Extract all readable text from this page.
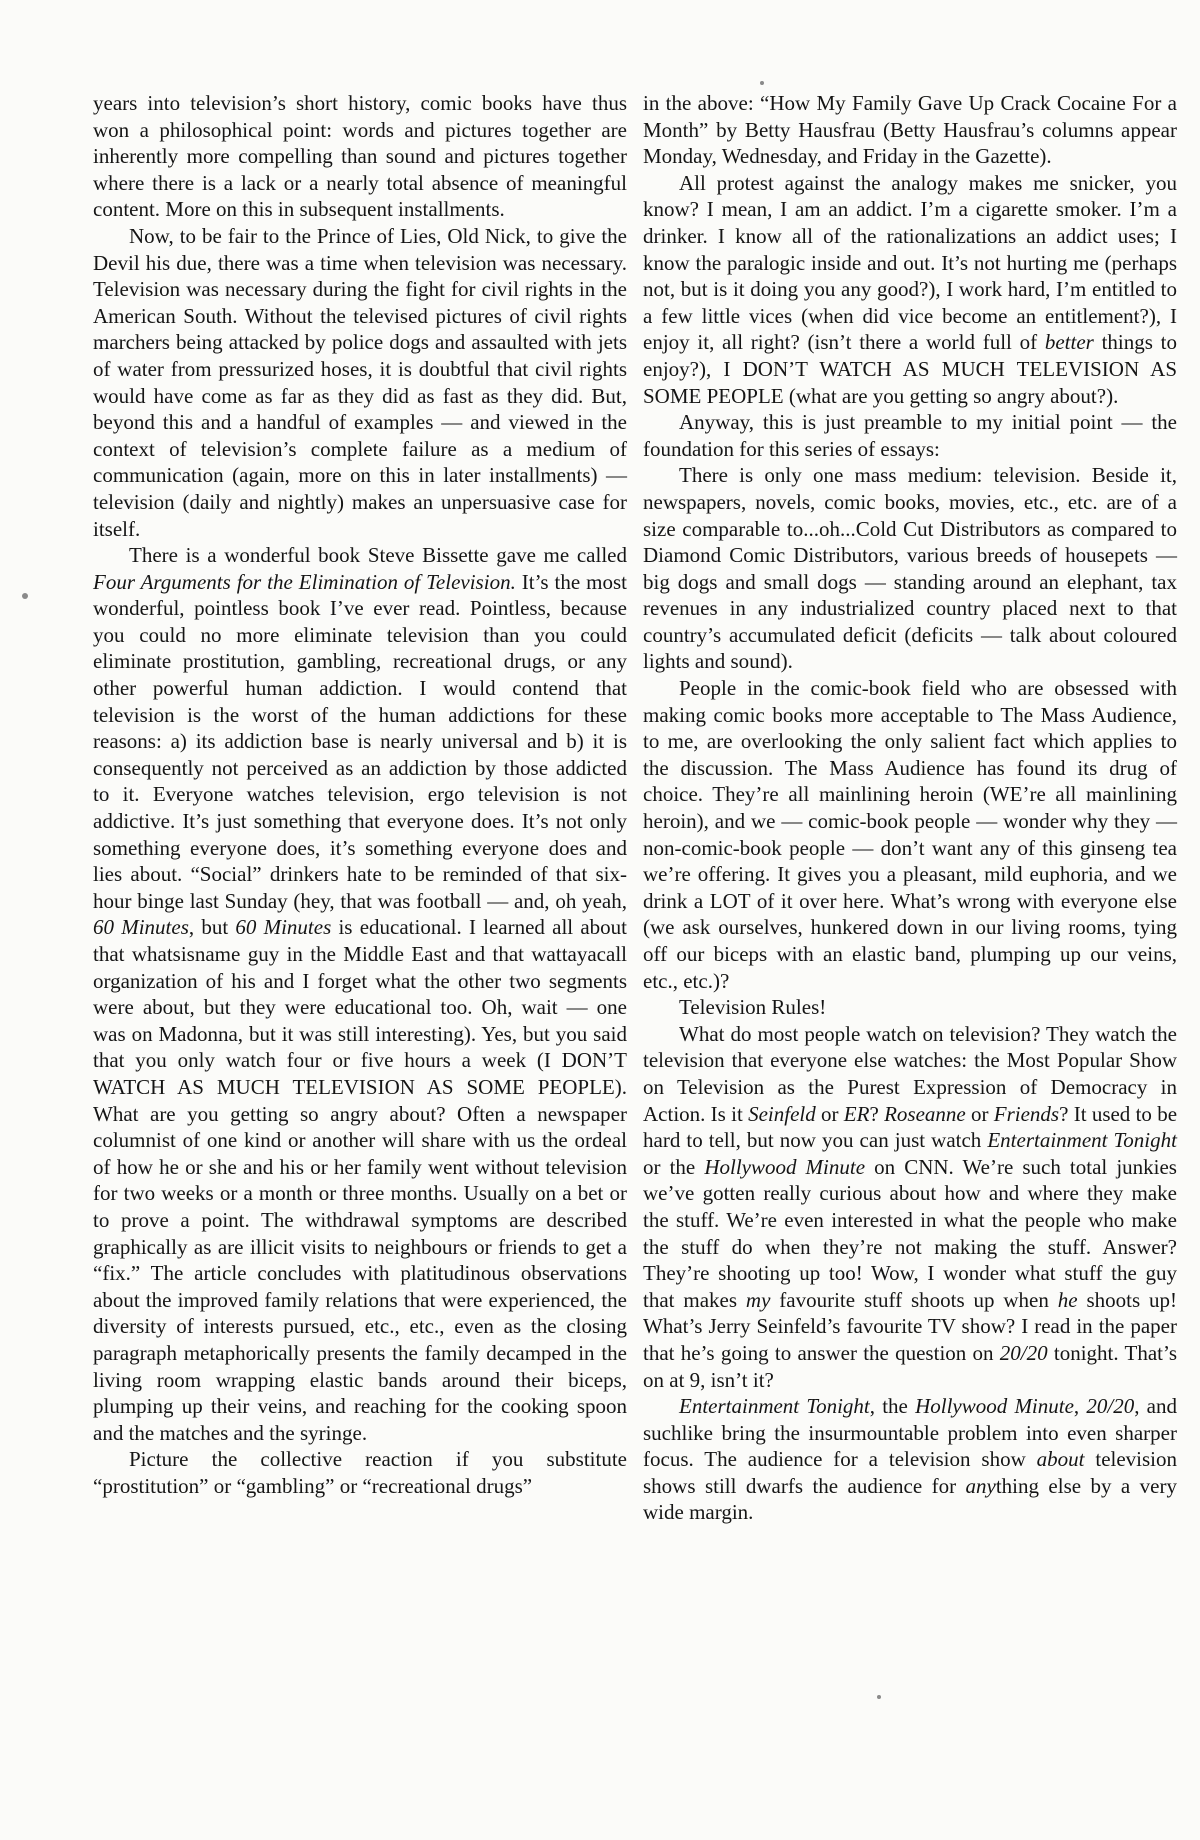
years into television’s short history, comic books have thus won a philosophical point: words and pictures together are inherently more compelling than sound and pictures together where there is a lack or a nearly total absence of meaningful content. More on this in subsequent installments.

Now, to be fair to the Prince of Lies, Old Nick, to give the Devil his due, there was a time when television was necessary. Television was necessary during the fight for civil rights in the American South. Without the televised pictures of civil rights marchers being attacked by police dogs and assaulted with jets of water from pressurized hoses, it is doubtful that civil rights would have come as far as they did as fast as they did. But, beyond this and a handful of examples — and viewed in the context of television’s complete failure as a medium of communication (again, more on this in later installments) — television (daily and nightly) makes an unpersuasive case for itself.

There is a wonderful book Steve Bissette gave me called Four Arguments for the Elimination of Television. It’s the most wonderful, pointless book I’ve ever read. Pointless, because you could no more eliminate television than you could eliminate prostitution, gambling, recreational drugs, or any other powerful human addiction. I would contend that television is the worst of the human addictions for these reasons: a) its addiction base is nearly universal and b) it is consequently not perceived as an addiction by those addicted to it. Everyone watches television, ergo television is not addictive. It’s just something that everyone does. It’s not only something everyone does, it’s something everyone does and lies about. “Social” drinkers hate to be reminded of that six-hour binge last Sunday (hey, that was football — and, oh yeah, 60 Minutes, but 60 Minutes is educational. I learned all about that whatsisname guy in the Middle East and that wattayacall organization of his and I forget what the other two segments were about, but they were educational too. Oh, wait — one was on Madonna, but it was still interesting). Yes, but you said that you only watch four or five hours a week (I DON’T WATCH AS MUCH TELEVISION AS SOME PEOPLE). What are you getting so angry about? Often a newspaper columnist of one kind or another will share with us the ordeal of how he or she and his or her family went without television for two weeks or a month or three months. Usually on a bet or to prove a point. The withdrawal symptoms are described graphically as are illicit visits to neighbours or friends to get a “fix.” The article concludes with platitudinous observations about the improved family relations that were experienced, the diversity of interests pursued, etc., etc., even as the closing paragraph metaphorically presents the family decamped in the living room wrapping elastic bands around their biceps, plumping up their veins, and reaching for the cooking spoon and the matches and the syringe.

Picture the collective reaction if you substitute “prostitution” or “gambling” or “recreational drugs”

in the above: “How My Family Gave Up Crack Cocaine For a Month” by Betty Hausfrau (Betty Hausfrau’s columns appear Monday, Wednesday, and Friday in the Gazette).

All protest against the analogy makes me snicker, you know? I mean, I am an addict. I’m a cigarette smoker. I’m a drinker. I know all of the rationalizations an addict uses; I know the paralogic inside and out. It’s not hurting me (perhaps not, but is it doing you any good?), I work hard, I’m entitled to a few little vices (when did vice become an entitlement?), I enjoy it, all right? (isn’t there a world full of better things to enjoy?), I DON’T WATCH AS MUCH TELEVISION AS SOME PEOPLE (what are you getting so angry about?).

Anyway, this is just preamble to my initial point — the foundation for this series of essays:

There is only one mass medium: television. Beside it, newspapers, novels, comic books, movies, etc., etc. are of a size comparable to...oh...Cold Cut Distributors as compared to Diamond Comic Distributors, various breeds of housepets — big dogs and small dogs — standing around an elephant, tax revenues in any industrialized country placed next to that country’s accumulated deficit (deficits — talk about coloured lights and sound).

People in the comic-book field who are obsessed with making comic books more acceptable to The Mass Audience, to me, are overlooking the only salient fact which applies to the discussion. The Mass Audience has found its drug of choice. They’re all mainlining heroin (WE’re all mainlining heroin), and we — comic-book people — wonder why they — non-comic-book people — don’t want any of this ginseng tea we’re offering. It gives you a pleasant, mild euphoria, and we drink a LOT of it over here. What’s wrong with everyone else (we ask ourselves, hunkered down in our living rooms, tying off our biceps with an elastic band, plumping up our veins, etc., etc.)?

Television Rules!

What do most people watch on television? They watch the television that everyone else watches: the Most Popular Show on Television as the Purest Expression of Democracy in Action. Is it Seinfeld or ER? Roseanne or Friends? It used to be hard to tell, but now you can just watch Entertainment Tonight or the Hollywood Minute on CNN. We’re such total junkies we’ve gotten really curious about how and where they make the stuff. We’re even interested in what the people who make the stuff do when they’re not making the stuff. Answer? They’re shooting up too! Wow, I wonder what stuff the guy that makes my favourite stuff shoots up when he shoots up! What’s Jerry Seinfeld’s favourite TV show? I read in the paper that he’s going to answer the question on 20/20 tonight. That’s on at 9, isn’t it?

Entertainment Tonight, the Hollywood Minute, 20/20, and suchlike bring the insurmountable problem into even sharper focus. The audience for a television show about television shows still dwarfs the audience for anything else by a very wide margin.
